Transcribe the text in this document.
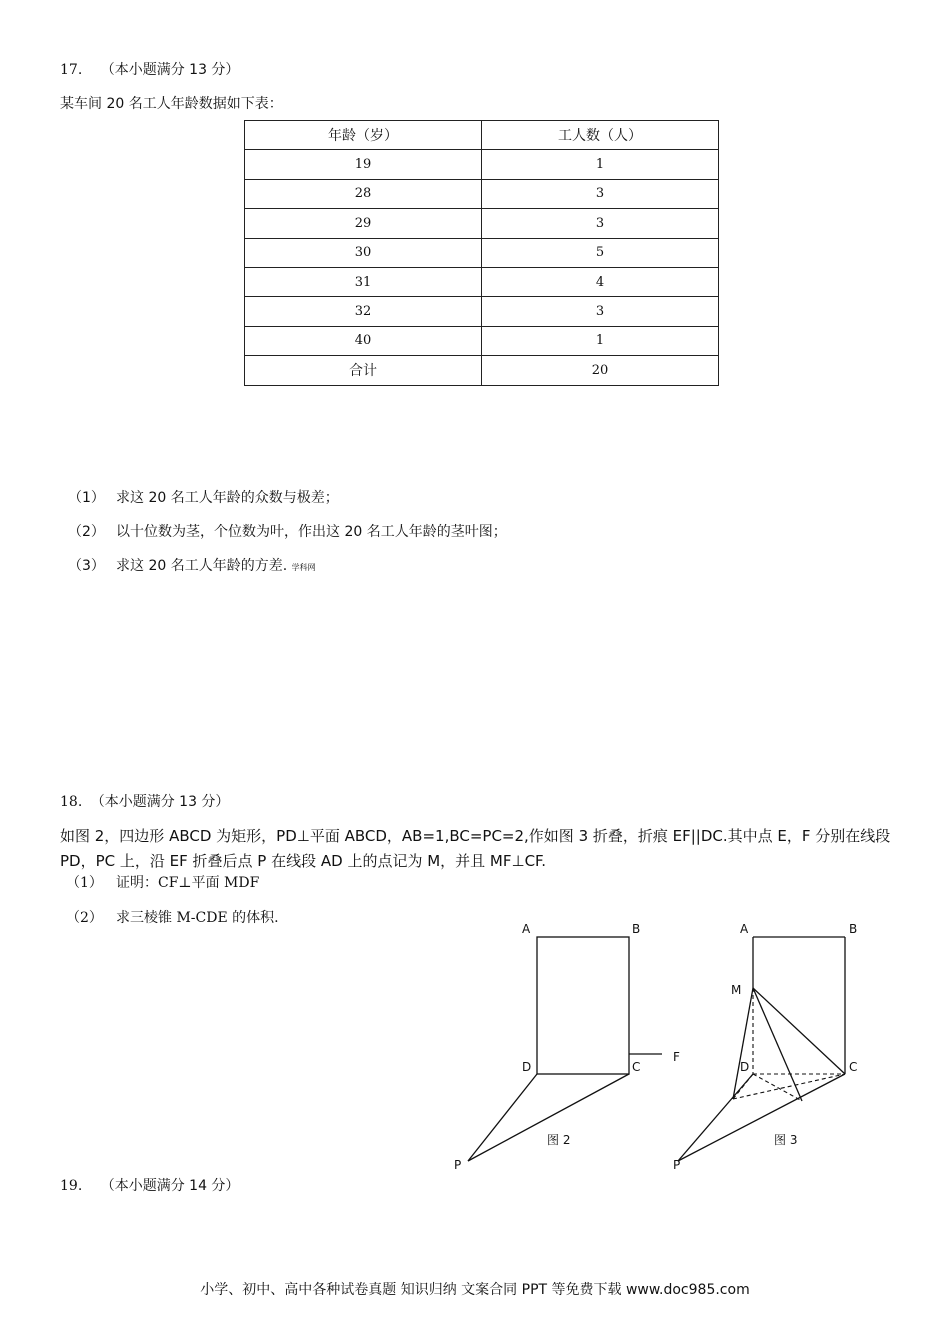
17. （本小题满分 13 分）
某车间 20 名工人年龄数据如下表：
年龄（岁）	工人数（人）
19	1
28	3
29	3
30	5
31	4
32	3
40	1
合计	20
（1） 求这 20 名工人年龄的众数与极差；
（2） 以十位数为茎，个位数为叶，作出这 20 名工人年龄的茎叶图；
（3） 求这 20 名工人年龄的方差. 学科网
18. （本小题满分 13 分）
如图 2，四边形 ABCD 为矩形，PD⊥平面 ABCD，AB=1,BC=PC=2,作如图 3 折叠，折痕 EF||DC.其中点 E，F 分别在线段
PD，PC 上，沿 EF 折叠后点 P 在线段 AD 上的点记为 M，并且 MF⊥CF.
（1） 证明：CF⊥平面 MDF
（2） 求三棱锥 M-CDE 的体积.
A	B
D	C
F
图 2
P
A	B
M
D	C
图 3
P
19. （本小题满分 14 分）
小学、初中、高中各种试卷真题 知识归纳 文案合同 PPT 等免费下载 www.doc985.com
